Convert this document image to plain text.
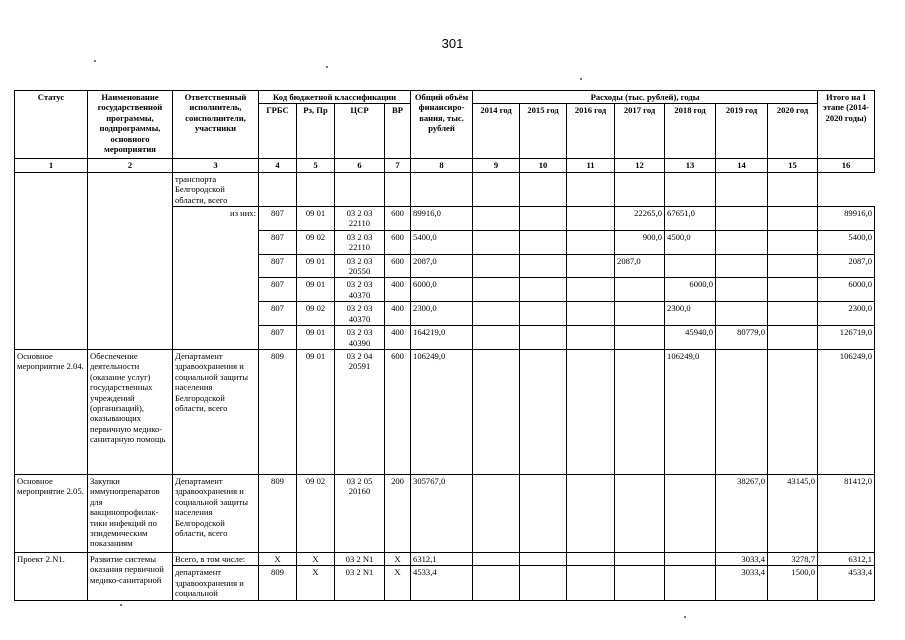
301
Статус	Наименование государственной программы, подпрограммы, основного мероприятия	Ответственный исполнитель, соисполнители, участники	Код бюджетной классификации				Общий объём финансиро-вания, тыс. рублей	Расходы (тыс. рублей), годы							Итого на I этапе (2014-2020 годы)
			ГРБС	Рз, Пр	ЦСР	ВР		2014 год	2015 год	2016 год	2017 год	2018 год	2019 год	2020 год	
1	2	3	4	5	6	7	8	9	10	11	12	13	14	15	16
		транспорта Белгородской области, всего													
		из них:	807	09 01	03 2 03 22110	600	89916,0				22265,0	67651,0			89916,0
			807	09 02	03 2 03 22110	600	5400,0				900,0	4500,0			5400,0
			807	09 01	03 2 03 20550	600	2087,0				2087,0				2087,0
			807	09 01	03 2 03 40370	400	6000,0					6000,0			6000,0
			807	09 02	03 2 03 40370	400	2300,0					2300,0			2300,0
			807	09 01	03 2 03 40390	400	164219,0					45940,0	80779,0		126719,0
Основное мероприятие 2.04.	Обеспечение деятельности (оказание услуг) государственных учреждений (организаций), оказывающих первичную медико-санитарную помощь	Департамент здравоохранения и социальной защиты населения Белгородской области, всего	809	09 01	03 2 04 20591	600	106249,0					106249,0			106249,0
Основное мероприятие 2.05.	Закупки иммунопрепаратов для вакцинопрофилак-тики инфекций по эпидемическим показаниям	Департамент здравоохранения и социальной защиты населения Белгородской области, всего	809	09 02	03 2 05 20160	200	305767,0						38267,0	43145,0	81412,0
Проект 2.N1.	Развитие системы оказания первичной медико-санитарной	Всего, в том числе:	X	X	03 2 N1	X	6312,1						3033,4	3278,7	6312,1
		департамент здравоохранения и социальной	809	X	03 2 N1	X	4533,4						3033,4	1500,0	4533,4
